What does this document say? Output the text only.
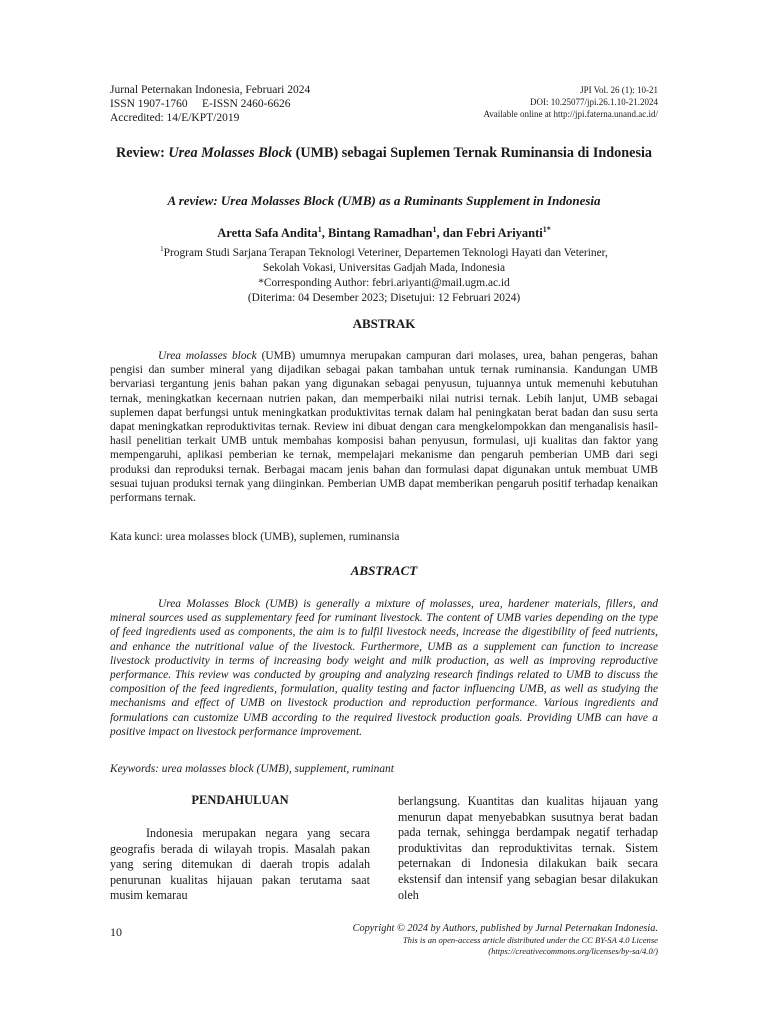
Jurnal Peternakan Indonesia, Februari 2024
ISSN 1907-1760     E-ISSN 2460-6626
Accredited: 14/E/KPT/2019
JPI Vol. 26 (1): 10-21
DOI: 10.25077/jpi.26.1.10-21.2024
Available online at http://jpi.faterna.unand.ac.id/
Review: Urea Molasses Block (UMB) sebagai Suplemen Ternak Ruminansia di Indonesia
A review: Urea Molasses Block (UMB) as a Ruminants Supplement in Indonesia
Aretta Safa Andita$^1$, Bintang Ramadhan$^1$, dan Febri Ariyanti$^{1*}$
$^1$Program Studi Sarjana Terapan Teknologi Veteriner, Departemen Teknologi Hayati dan Veteriner,
Sekolah Vokasi, Universitas Gadjah Mada, Indonesia
*Corresponding Author: febri.ariyanti@mail.ugm.ac.id
(Diterima: 04 Desember 2023; Disetujui: 12 Februari 2024)
ABSTRAK
Urea molasses block (UMB) umumnya merupakan campuran dari molases, urea, bahan pengeras, bahan pengisi dan sumber mineral yang dijadikan sebagai pakan tambahan untuk ternak ruminansia. Kandungan UMB bervariasi tergantung jenis bahan pakan yang digunakan sebagai penyusun, tujuannya untuk memenuhi kebutuhan ternak, meningkatkan kecernaan nutrien pakan, dan memperbaiki nilai nutrisi ternak. Lebih lanjut, UMB sebagai suplemen dapat berfungsi untuk meningkatkan produktivitas ternak dalam hal peningkatan berat badan dan susu serta dapat meningkatkan reproduktivitas ternak. Review ini dibuat dengan cara mengkelompokkan dan menganalisis hasil-hasil penelitian terkait UMB untuk membahas komposisi bahan penyusun, formulasi, uji kualitas dan faktor yang mempengaruhi, aplikasi pemberian ke ternak, mempelajari mekanisme dan pengaruh pemberian UMB dari segi produksi dan reproduksi ternak. Berbagai macam jenis bahan dan formulasi dapat digunakan untuk membuat UMB sesuai tujuan produksi ternak yang diinginkan. Pemberian UMB dapat memberikan pengaruh positif terhadap kenaikan performans ternak.
Kata kunci: urea molasses block (UMB), suplemen, ruminansia
ABSTRACT
Urea Molasses Block (UMB) is generally a mixture of molasses, urea, hardener materials, fillers, and mineral sources used as supplementary feed for ruminant livestock. The content of UMB varies depending on the type of feed ingredients used as components, the aim is to fulfil livestock needs, increase the digestibility of feed nutrients, and enhance the nutritional value of the livestock. Furthermore, UMB as a supplement can function to increase livestock productivity in terms of increasing body weight and milk production, as well as improving reproductive performance. This review was conducted by grouping and analyzing research findings related to UMB to discuss the composition of the feed ingredients, formulation, quality testing and factor influencing UMB, as well as studying the mechanisms and effect of UMB on livestock production and reproduction performance. Various ingredients and formulations can customize UMB according to the required livestock production goals. Providing UMB can have a positive impact on livestock performance improvement.
Keywords: urea molasses block (UMB), supplement, ruminant
PENDAHULUAN
Indonesia merupakan negara yang secara geografis berada di wilayah tropis. Masalah pakan yang sering ditemukan di daerah tropis adalah penurunan kualitas hijauan pakan terutama saat musim kemarau
berlangsung. Kuantitas dan kualitas hijauan yang menurun dapat menyebabkan susutnya berat badan pada ternak, sehingga berdampak negatif terhadap produktivitas dan reproduktivitas ternak. Sistem peternakan di Indonesia dilakukan baik secara ekstensif dan intensif yang sebagian besar dilakukan oleh
10	Copyright © 2024 by Authors, published by Jurnal Peternakan Indonesia.
This is an open-access article distributed under the CC BY-SA 4.0 License
(https://creativecommons.org/licenses/by-sa/4.0/)
